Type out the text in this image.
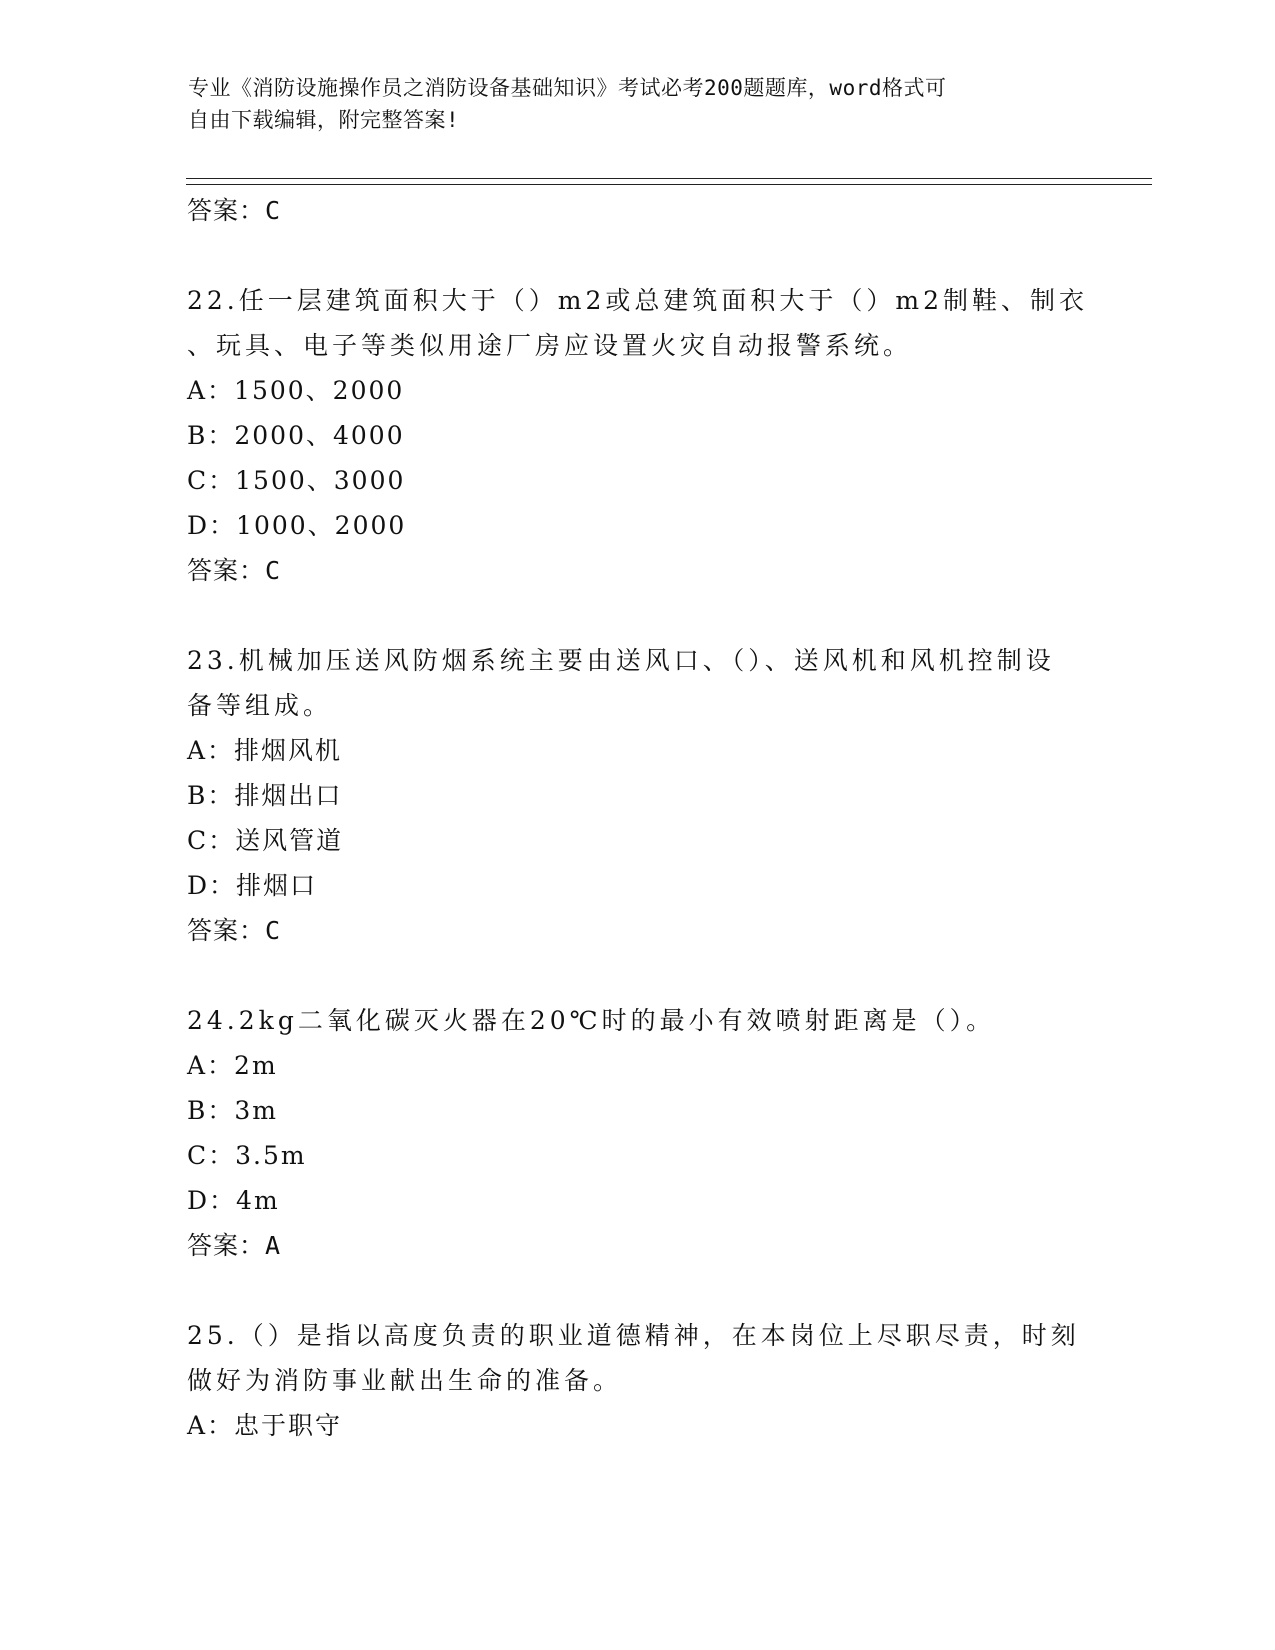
专业《消防设施操作员之消防设备基础知识》考试必考200题题库，word格式可
自由下载编辑，附完整答案!
答案：C
22.任一层建筑面积大于（）m2或总建筑面积大于（）m2制鞋、制衣
、玩具、电子等类似用途厂房应设置火灾自动报警系统。
A：1500、2000
B：2000、4000
C：1500、3000
D：1000、2000
答案：C
23.机械加压送风防烟系统主要由送风口、（）、送风机和风机控制设
备等组成。
A：排烟风机
B：排烟出口
C：送风管道
D：排烟口
答案：C
24.2kg二氧化碳灭火器在20℃时的最小有效喷射距离是（）。
A：2m
B：3m
C：3.5m
D：4m
答案：A
25.（）是指以高度负责的职业道德精神，在本岗位上尽职尽责，时刻
做好为消防事业献出生命的准备。
A：忠于职守
